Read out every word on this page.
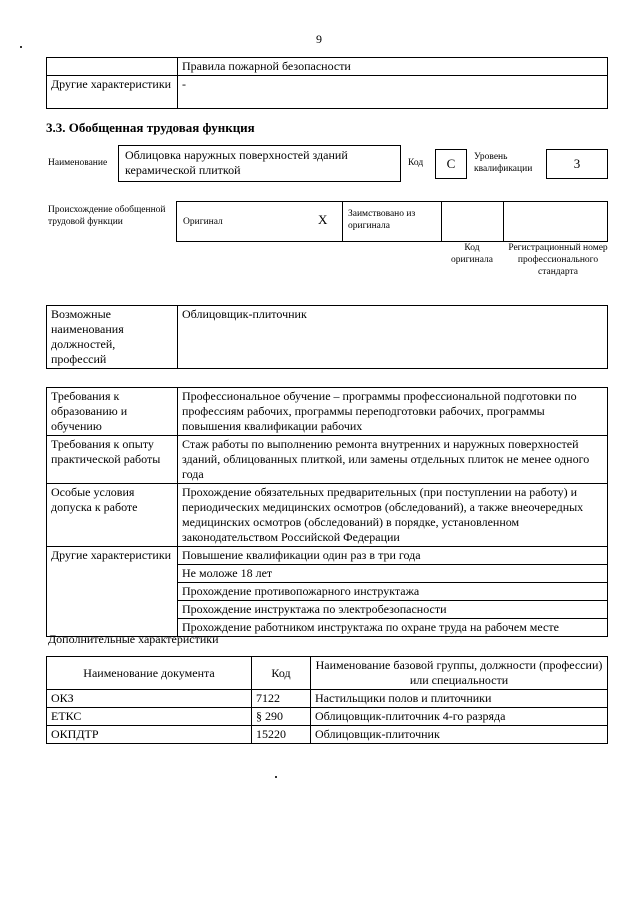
9
	Правила пожарной безопасности
Другие характеристики	-
3.3. Обобщенная трудовая функция
Наименование
Облицовка наружных поверхностей зданий керамической плиткой	Код	С	Уровень квалификации	3
Происхождение обобщенной трудовой функции	Оригинал	X Заимствовано из оригинала
Код оригинала
Регистрационный номер профессионального стандарта
Возможные наименования должностей, профессий	Облицовщик-плиточник
Требования к образованию и обучению	Профессиональное обучение – программы профессиональной подготовки по профессиям рабочих, программы переподготовки рабочих, программы повышения квалификации рабочих
Требования к опыту практической работы	Стаж работы по выполнению ремонта внутренних и наружных поверхностей зданий, облицованных плиткой, или замены отдельных плиток не менее одного года
Особые условия допуска к работе	Прохождение обязательных предварительных (при поступлении на работу) и периодических медицинских осмотров (обследований), а также внеочередных медицинских осмотров (обследований) в порядке, установленном законодательством Российской Федерации
Другие характеристики	Повышение квалификации один раз в три года
	Не моложе 18 лет
	Прохождение противопожарного инструктажа
	Прохождение инструктажа по электробезопасности
	Прохождение работником инструктажа по охране труда на рабочем месте
Дополнительные характеристики
Наименование документа	Код	Наименование базовой группы, должности (профессии) или специальности
ОКЗ	7122	Настильщики полов и плиточники
ЕТКС	§ 290	Облицовщик-плиточник 4-го разряда
ОКПДТР	15220	Облицовщик-плиточник
